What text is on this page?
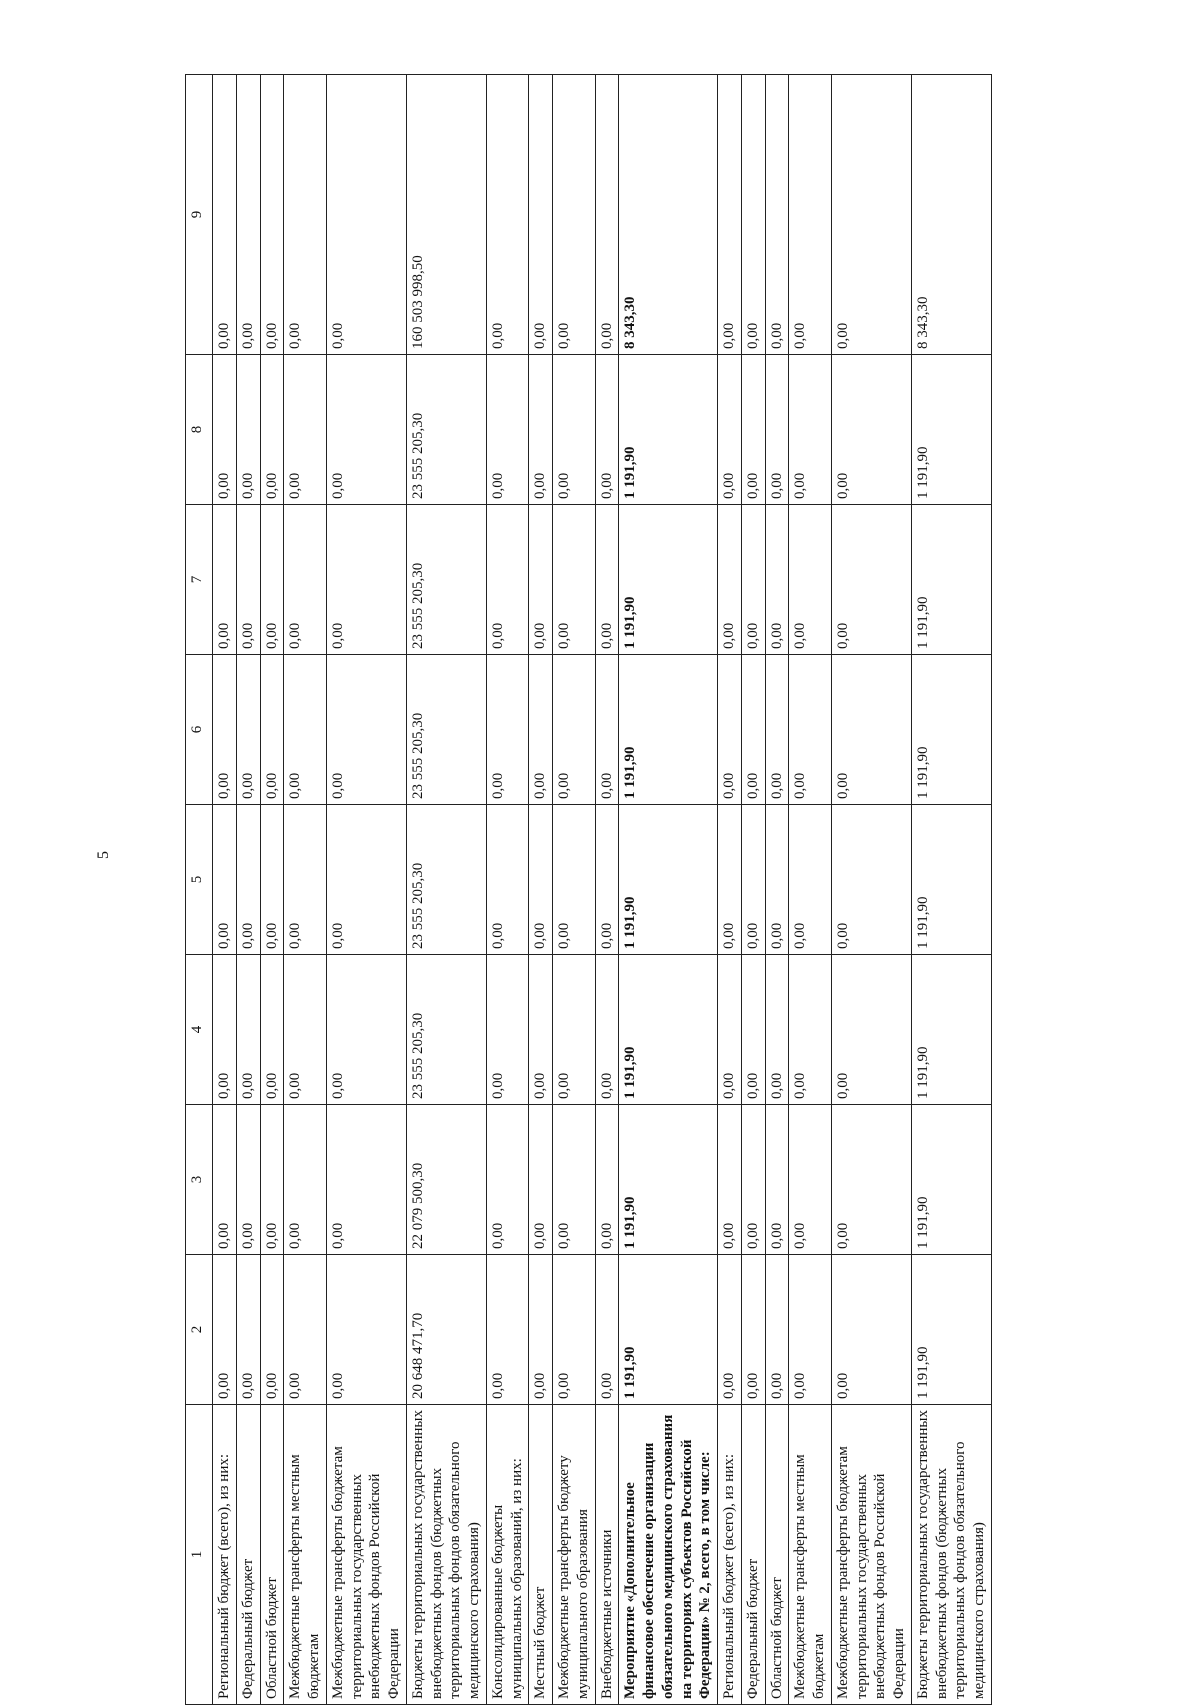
5
1	2	3	4	5	6	7	8	9
Региональный бюджет (всего), из них:	0,00	0,00	0,00	0,00	0,00	0,00	0,00	0,00
Федеральный бюджет	0,00	0,00	0,00	0,00	0,00	0,00	0,00	0,00
Областной бюджет	0,00	0,00	0,00	0,00	0,00	0,00	0,00	0,00
Межбюджетные трансферты местным бюджетам	0,00	0,00	0,00	0,00	0,00	0,00	0,00	0,00
Межбюджетные трансферты бюджетам территориальных государственных внебюджетных фондов Российской Федерации	0,00	0,00	0,00	0,00	0,00	0,00	0,00	0,00
Бюджеты территориальных государственных внебюджетных фондов (бюджетных территориальных фондов обязательного медицинского страхования)	20 648 471,70	22 079 500,30	23 555 205,30	23 555 205,30	23 555 205,30	23 555 205,30	23 555 205,30	160 503 998,50
Консолидированные бюджеты муниципальных образований, из них:	0,00	0,00	0,00	0,00	0,00	0,00	0,00	0,00
Местный бюджет	0,00	0,00	0,00	0,00	0,00	0,00	0,00	0,00
Межбюджетные трансферты бюджету муниципального образования	0,00	0,00	0,00	0,00	0,00	0,00	0,00	0,00
Внебюджетные источники	0,00	0,00	0,00	0,00	0,00	0,00	0,00	0,00
Мероприятие «Дополнительное финансовое обеспечение организации обязательного медицинского страхования на территориях субъектов Российской Федерации» № 2, всего, в том числе:	1 191,90	1 191,90	1 191,90	1 191,90	1 191,90	1 191,90	1 191,90	8 343,30
Региональный бюджет (всего), из них:	0,00	0,00	0,00	0,00	0,00	0,00	0,00	0,00
Федеральный бюджет	0,00	0,00	0,00	0,00	0,00	0,00	0,00	0,00
Областной бюджет	0,00	0,00	0,00	0,00	0,00	0,00	0,00	0,00
Межбюджетные трансферты местным бюджетам	0,00	0,00	0,00	0,00	0,00	0,00	0,00	0,00
Межбюджетные трансферты бюджетам территориальных государственных внебюджетных фондов Российской Федерации	0,00	0,00	0,00	0,00	0,00	0,00	0,00	0,00
Бюджеты территориальных государственных внебюджетных фондов (бюджетных территориальных фондов обязательного медицинского страхования)	1 191,90	1 191,90	1 191,90	1 191,90	1 191,90	1 191,90	1 191,90	8 343,30
